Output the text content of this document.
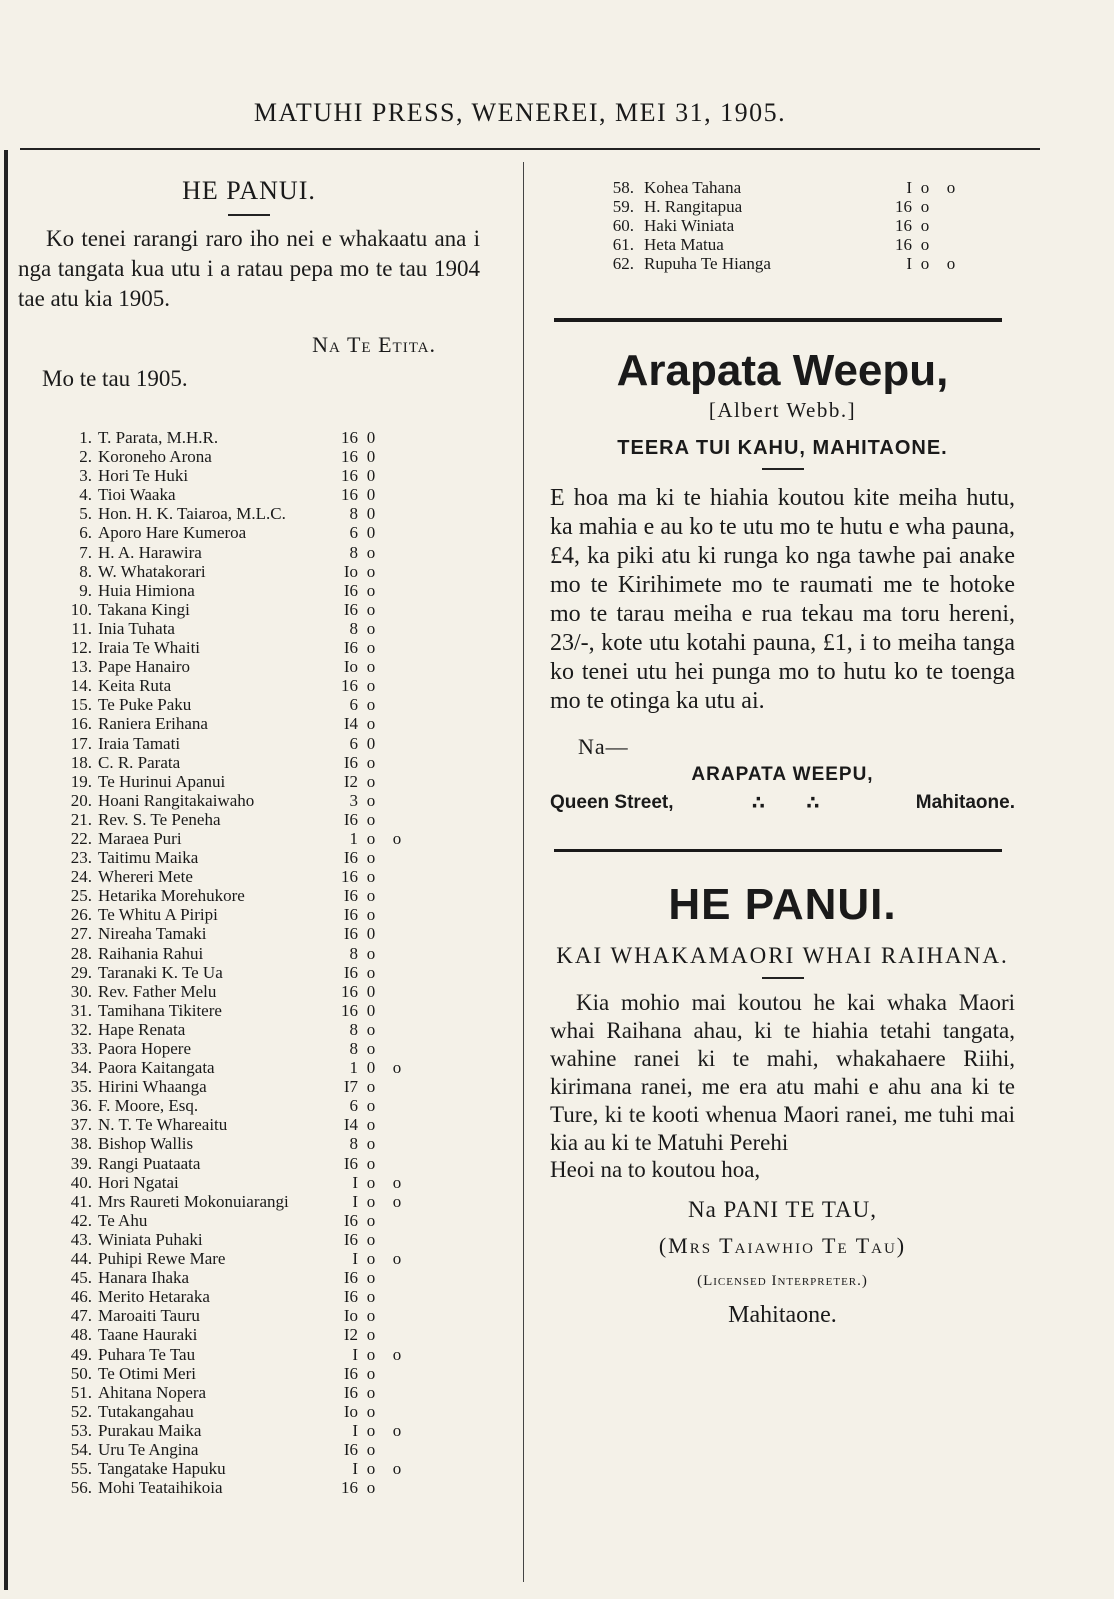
MATUHI PRESS, WENEREI, MEI 31, 1905.
HE PANUI.

Ko tenei rarangi raro iho nei e whakaatu ana i nga tangata kua utu i a ratau pepa mo te tau 1904 tae atu kia 1905.

Na Te Etita.
Mo te tau 1905.
1. T. Parata, M.H.R.	16 0
2. Koroneho Arona	16 0
3. Hori Te Huki	16 0
4. Tioi Waaka	16 0
5. Hon. H. K. Taiaroa, M.L.C.	8 0
6. Aporo Hare Kumeroa	6 0
7. H. A. Harawira	8 o
8. W. Whatakorari	Io o
9. Huia Himiona	I6 o
10. Takana Kingi	I6 o
11. Inia Tuhata	8 o
12. Iraia Te Whaiti	I6 o
13. Pape Hanairo	Io o
14. Keita Ruta	16 o
15. Te Puke Paku	6 o
16. Raniera Erihana	I4 o
17. Iraia Tamati	6 0
18. C. R. Parata	I6 o
19. Te Hurinui Apanui	I2 o
20. Hoani Rangitakaiwaho	3 o
21. Rev. S. Te Peneha	I6 o
22. Maraea Puri	1 o	o
23. Taitimu Maika	I6 o
24. Whereri Mete	16 o
25. Hetarika Morehukore	I6 o
26. Te Whitu A Piripi	I6 o
27. Nireaha Tamaki	I6 0
28. Raihania Rahui	8 o
29. Taranaki K. Te Ua	I6 o
30. Rev. Father Melu	16 0
31. Tamihana Tikitere	16 0
32. Hape Renata	8 o
33. Paora Hopere	8 o
34. Paora Kaitangata	1 0	o
35. Hirini Whaanga	I7 o
36. F. Moore, Esq.	6 o
37. N. T. Te Whareaitu	I4 o
38. Bishop Wallis	8 o
39. Rangi Puataata	I6 o
40. Hori Ngatai	I o	o
41. Mrs Raureti Mokonuiarangi	I o	o
42. Te Ahu	I6 o
43. Winiata Puhaki	I6 o
44. Puhipi Rewe Mare	I o	o
45. Hanara Ihaka	I6 o
46. Merito Hetaraka	I6 o
47. Maroaiti Tauru	Io o
48. Taane Hauraki	I2 o
49. Puhara Te Tau	I o	o
50. Te Otimi Meri	I6 o
51. Ahitana Nopera	I6 o
52. Tutakangahau	Io o
53. Purakau Maika	I o	o
54. Uru Te Angina	I6 o
55. Tangatake Hapuku	I o	o
56. Mohi Teataihikoia	16 o
58. Kohea Tahana	I o	o
59. H. Rangitapua	16 o
60. Haki Winiata	16 o
61. Heta Matua	16 o
62. Rupuha Te Hianga	I o	o
Arapata Weepu,
[Albert Webb.]
TEERA TUI KAHU, MAHITAONE.

E hoa ma ki te hiahia koutou kite meiha hutu, ka mahia e au ko te utu mo te hutu e wha pauna, £4, ka piki atu ki runga ko nga tawhe pai anake mo te Kirihimete mo te raumati me te hotoke mo te tarau meiha e rua tekau ma toru hereni, 23/-, kote utu kotahi pauna, £1, i to meiha tanga ko tenei utu hei punga mo to hutu ko te toenga mo te otinga ka utu ai.

Na—
ARAPATA WEEPU,
Queen Street,	∴ ∴	Mahitaone.
HE PANUI.
KAI WHAKAMAORI WHAI RAIHANA.

Kia mohio mai koutou he kai whaka Maori whai Raihana ahau, ki te hiahia tetahi tangata, wahine ranei ki te mahi, whakahaere Riihi, kirimana ranei, me era atu mahi e ahu ana ki te Ture, ki te kooti whenua Maori ranei, me tuhi mai kia au ki te Matuhi Perehi

Heoi na to koutou hoa,

Na PANI TE TAU,
(Mrs Taiawhio Te Tau)
(Licensed Interpreter.)
Mahitaone.
